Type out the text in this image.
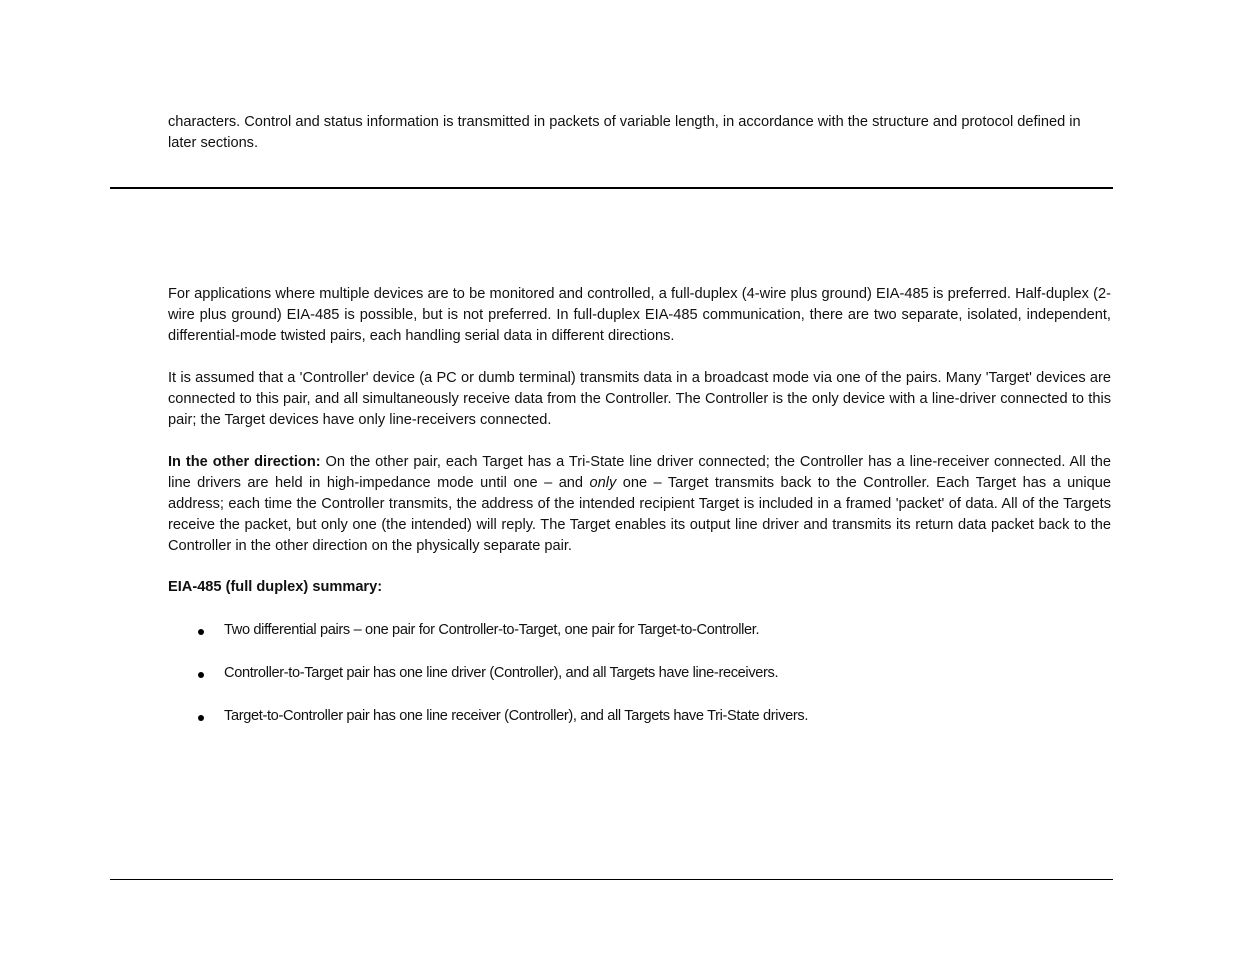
characters. Control and status information is transmitted in packets of variable length, in accordance with the structure and protocol defined in later sections.

For applications where multiple devices are to be monitored and controlled, a full-duplex (4-wire plus ground) EIA-485 is preferred. Half-duplex (2-wire plus ground) EIA-485 is possible, but is not preferred. In full-duplex EIA-485 communication, there are two separate, isolated, independent, differential-mode twisted pairs, each handling serial data in different directions.

It is assumed that a 'Controller' device (a PC or dumb terminal) transmits data in a broadcast mode via one of the pairs. Many 'Target' devices are connected to this pair, and all simultaneously receive data from the Controller. The Controller is the only device with a line-driver connected to this pair; the Target devices have only line-receivers connected.

In the other direction: On the other pair, each Target has a Tri-State line driver connected; the Controller has a line-receiver connected. All the line drivers are held in high-impedance mode until one – and only one – Target transmits back to the Controller. Each Target has a unique address; each time the Controller transmits, the address of the intended recipient Target is included in a framed 'packet' of data. All of the Targets receive the packet, but only one (the intended) will reply. The Target enables its output line driver and transmits its return data packet back to the Controller in the other direction on the physically separate pair.

EIA-485 (full duplex) summary:

Two differential pairs – one pair for Controller-to-Target, one pair for Target-to-Controller.
Controller-to-Target pair has one line driver (Controller), and all Targets have line-receivers.
Target-to-Controller pair has one line receiver (Controller), and all Targets have Tri-State drivers.
